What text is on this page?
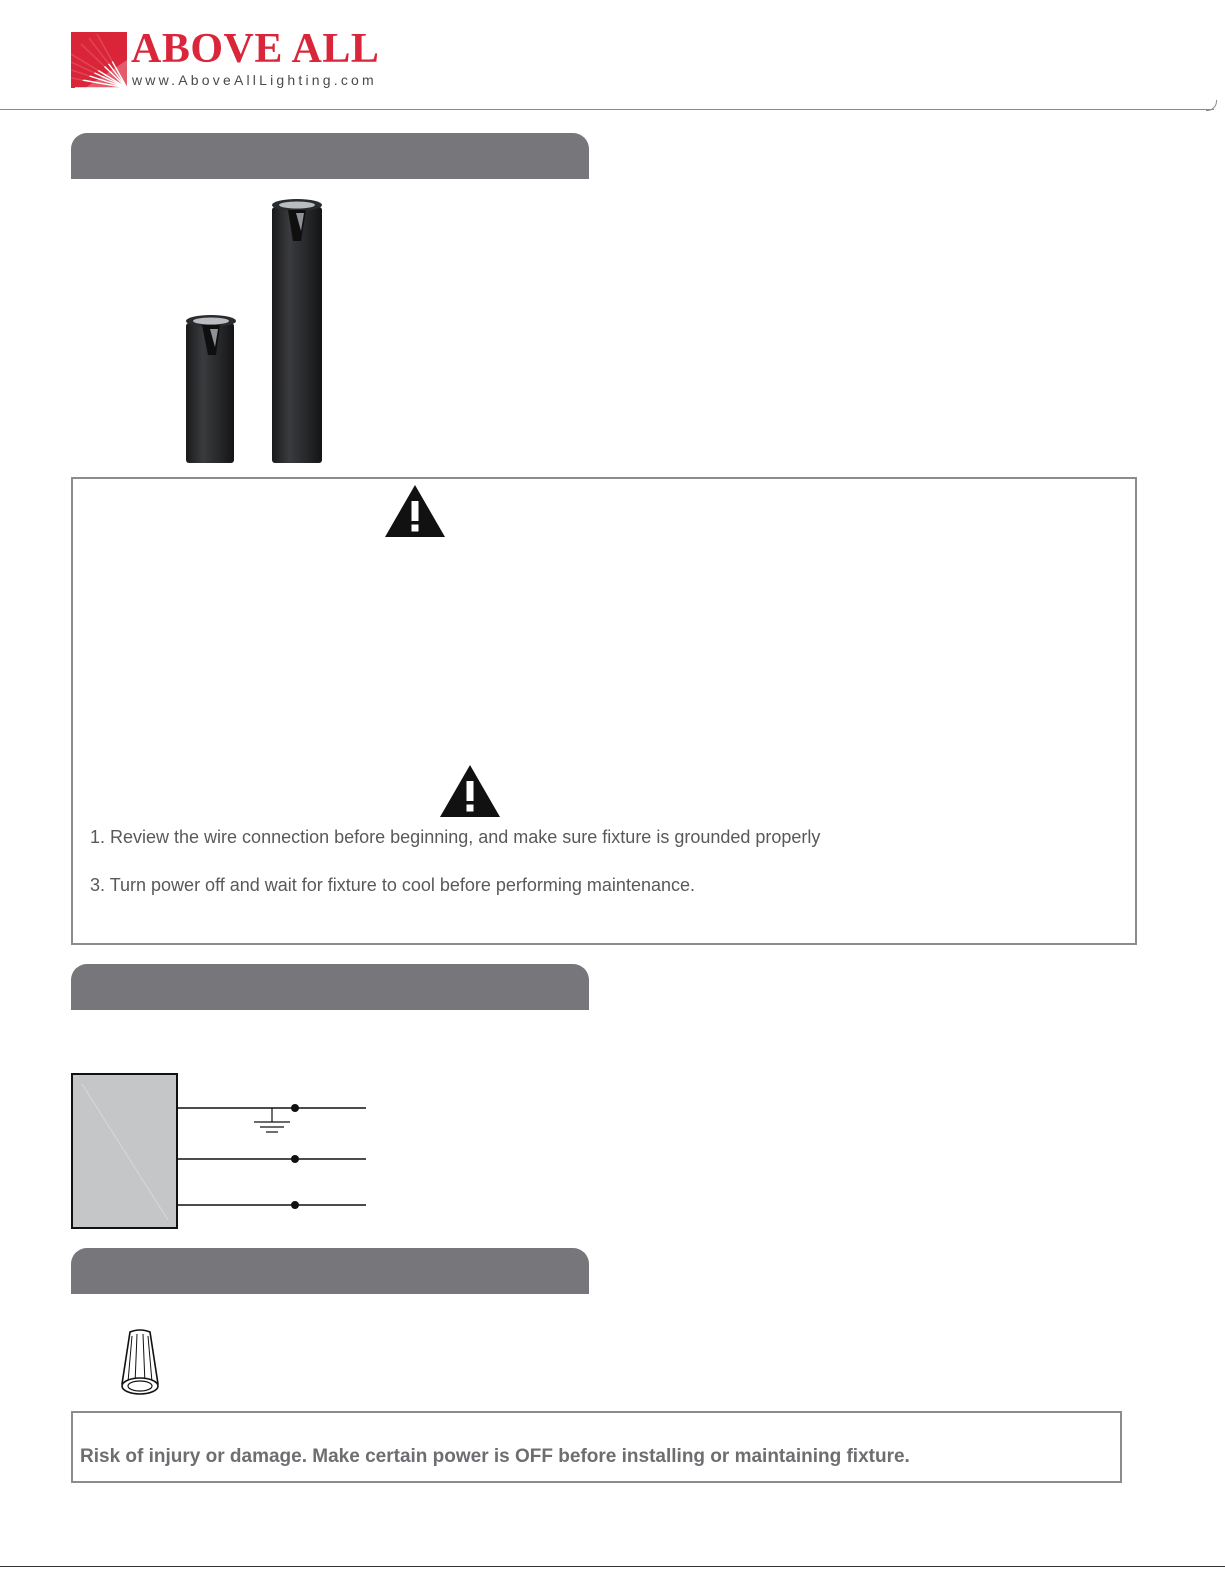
ABOVE ALL
www.AboveAllLighting.com
1. Review the wire connection before beginning, and make sure fixture is grounded properly
3. Turn power off and wait for fixture to cool before performing maintenance.
Risk of injury or damage. Make certain power is OFF before installing or maintaining fixture.
